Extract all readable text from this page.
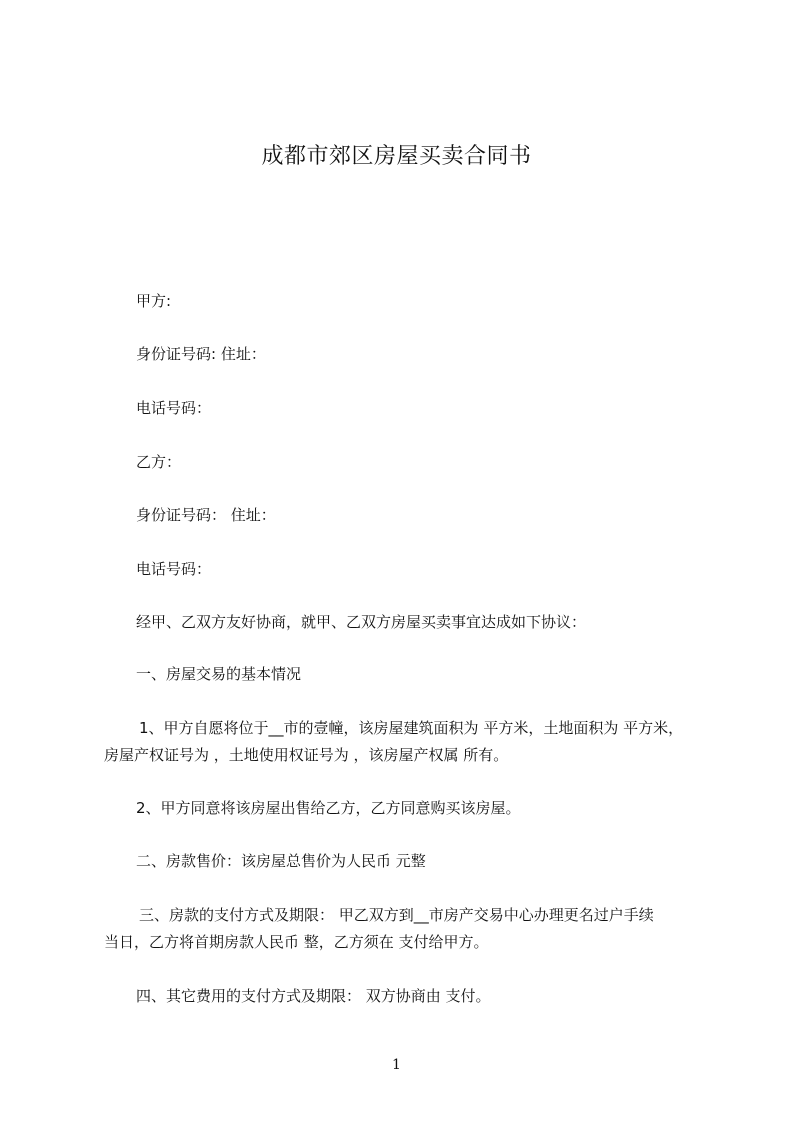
成都市郊区房屋买卖合同书
甲方:
身份证号码: 住址：
电话号码：
乙方：
身份证号码： 住址：
电话号码：
经甲、乙双方友好协商，就甲、乙双方房屋买卖事宜达成如下协议：
一、房屋交易的基本情况
1、甲方自愿将位于__市的壹幢，该房屋建筑面积为 平方米，土地面积为 平方米，
房屋产权证号为 ，土地使用权证号为 ，该房屋产权属 所有。
2、甲方同意将该房屋出售给乙方，乙方同意购买该房屋。
二、房款售价：该房屋总售价为人民币 元整
三、房款的支付方式及期限： 甲乙双方到__市房产交易中心办理更名过户手续
当日，乙方将首期房款人民币 整，乙方须在 支付给甲方。
四、其它费用的支付方式及期限： 双方协商由 支付。
1
